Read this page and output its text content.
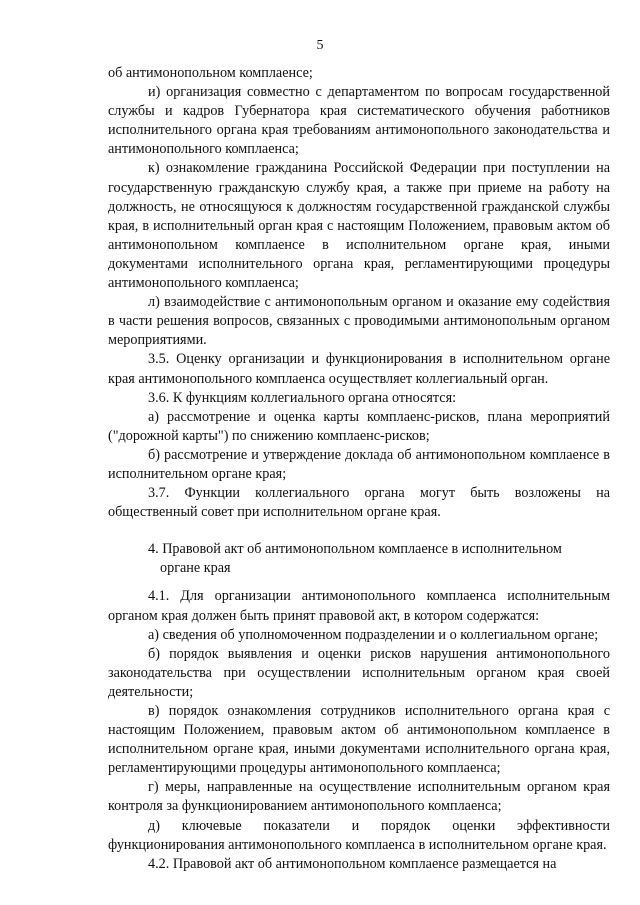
5

об антимонопольном комплаенсе;

и) организация совместно с департаментом по вопросам государственной службы и кадров Губернатора края систематического обучения работников исполнительного органа края требованиям антимонопольного законодательства и антимонопольного комплаенса;

к) ознакомление гражданина Российской Федерации при поступлении на государственную гражданскую службу края, а также при приеме на работу на должность, не относящуюся к должностям государственной гражданской службы края, в исполнительный орган края с настоящим Положением, правовым актом об антимонопольном комплаенсе в исполнительном органе края, иными документами исполнительного органа края, регламентирующими процедуры антимонопольного комплаенса;

л) взаимодействие с антимонопольным органом и оказание ему содействия в части решения вопросов, связанных с проводимыми антимонопольным органом мероприятиями.

3.5. Оценку организации и функционирования в исполнительном органе края антимонопольного комплаенса осуществляет коллегиальный орган.

3.6. К функциям коллегиального органа относятся:

а) рассмотрение и оценка карты комплаенс-рисков, плана мероприятий ("дорожной карты") по снижению комплаенс-рисков;

б) рассмотрение и утверждение доклада об антимонопольном комплаенсе в исполнительном органе края;

3.7. Функции коллегиального органа могут быть возложены на общественный совет при исполнительном органе края.

4. Правовой акт об антимонопольном комплаенсе в исполнительном
органе края

4.1. Для организации антимонопольного комплаенса исполнительным органом края должен быть принят правовой акт, в котором содержатся:

а) сведения об уполномоченном подразделении и о коллегиальном органе;

б) порядок выявления и оценки рисков нарушения антимонопольного законодательства при осуществлении исполнительным органом края своей деятельности;

в) порядок ознакомления сотрудников исполнительного органа края с настоящим Положением, правовым актом об антимонопольном комплаенсе в исполнительном органе края, иными документами исполнительного органа края, регламентирующими процедуры антимонопольного комплаенса;

г) меры, направленные на осуществление исполнительным органом края контроля за функционированием антимонопольного комплаенса;

д) ключевые показатели и порядок оценки эффективности функционирования антимонопольного комплаенса в исполнительном органе края.

4.2. Правовой акт об антимонопольном комплаенсе размещается на
